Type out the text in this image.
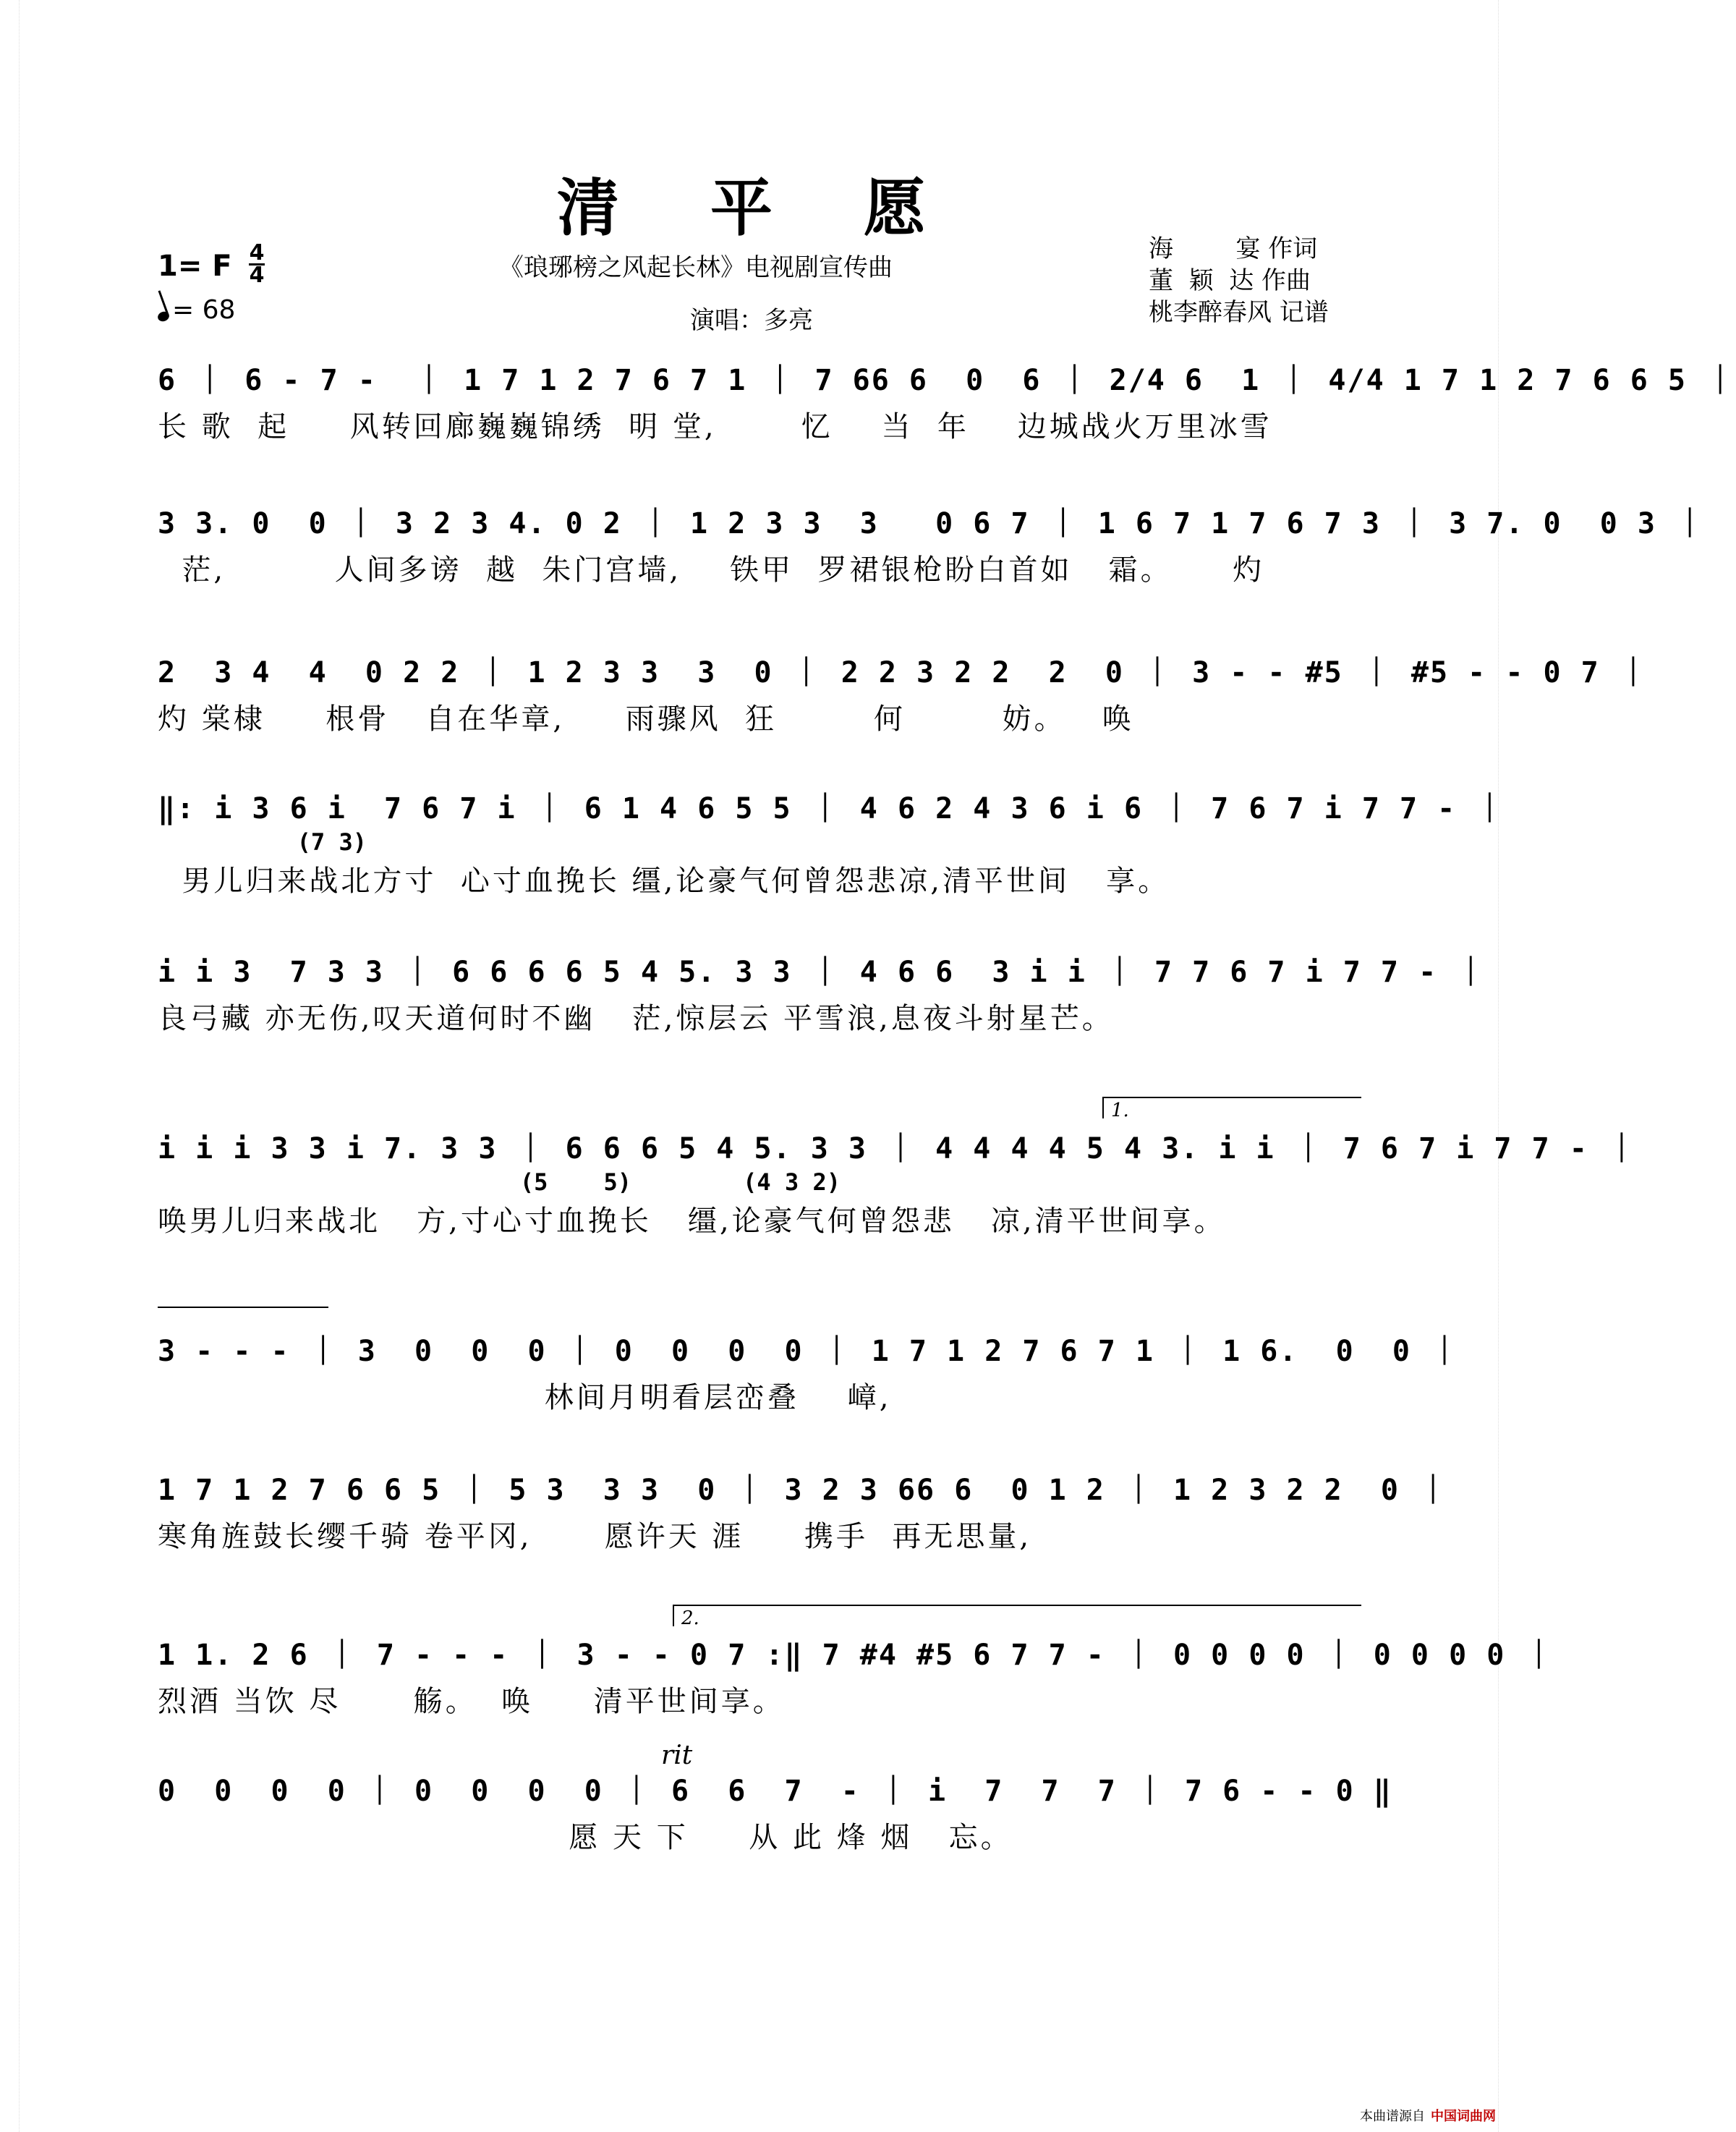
清 平 愿
1= F 4
4
= 68
《琅琊榜之风起长林》电视剧宣传曲
演唱：多亮
海        宴 作词
董  颖  达 作曲
桃李醉春风 记谱
6 ｜ 6 - 7 -  ｜ 1 7 1 2 7 6 7 1 ｜ 7 66 6  0  6 ｜ 2/4 6  1 ｜ 4/4 1 7 1 2 7 6 6 5 ｜
长 歌  起     风转回廊巍巍锦绣  明 堂,       忆    当  年    边城战火万里冰雪
3 3. 0  0 ｜ 3 2 3 4. 0 2 ｜ 1 2 3 3  3   0 6 7 ｜ 1 6 7 1 7 6 7 3 ｜ 3 7. 0  0 3 ｜
茫,         人间多谤  越  朱门宫墙,    铁甲  罗裙银枪盼白首如   霜。     灼
2  3 4  4  0 2 2 ｜ 1 2 3 3  3  0 ｜ 2 2 3 2 2  2  0 ｜ 3 - - #5 ｜ #5 - - 0 7 ｜
灼 棠棣     根骨   自在华章,     雨骤风  狂        何        妨。   唤
‖: i 3 6 i  7 6 7 i ｜ 6 1 4 6 5 5 ｜ 4 6 2 4 3 6 i 6 ｜ 7 6 7 i 7 7 - ｜
(7 3)
男儿归来战北方寸  心寸血挽长 缰,论豪气何曾怨悲凉,清平世间   享。
i i 3  7 3 3 ｜ 6 6 6 6 5 4 5. 3 3 ｜ 4 6 6  3 i i ｜ 7 7 6 7 i 7 7 - ｜
良弓藏 亦无伤,叹天道何时不幽   茫,惊层云 平雪浪,息夜斗射星芒。
1.
i i i 3 3 i 7. 3 3 ｜ 6 6 6 5 4 5. 3 3 ｜ 4 4 4 4 5 4 3. i i ｜ 7 6 7 i 7 7 - ｜
(5    5)        (4 3 2)
唤男儿归来战北   方,寸心寸血挽长   缰,论豪气何曾怨悲   凉,清平世间享。
3 - - - ｜ 3  0  0  0 ｜ 0  0  0  0 ｜ 1 7 1 2 7 6 7 1 ｜ 1 6.  0  0 ｜
林间月明看层峦叠    嶂,
1 7 1 2 7 6 6 5 ｜ 5 3  3 3  0 ｜ 3 2 3 66 6  0 1 2 ｜ 1 2 3 2 2  0 ｜
寒角旌鼓长缨千骑 卷平冈,      愿许天 涯     携手  再无思量,
2.
1 1. 2 6 ｜ 7 - - - ｜ 3 - - 0 7 :‖ 7 #4 #5 6 7 7 - ｜ 0 0 0 0 ｜ 0 0 0 0 ｜
烈酒 当饮 尽      觞。  唤     清平世间享。
rit
0  0  0  0 ｜ 0  0  0  0 ｜ 6  6  7  - ｜ i  7  7  7 ｜ 7 6 - - 0 ‖
愿 天 下     从 此 烽 烟   忘。
本曲谱源自 中国词曲网
